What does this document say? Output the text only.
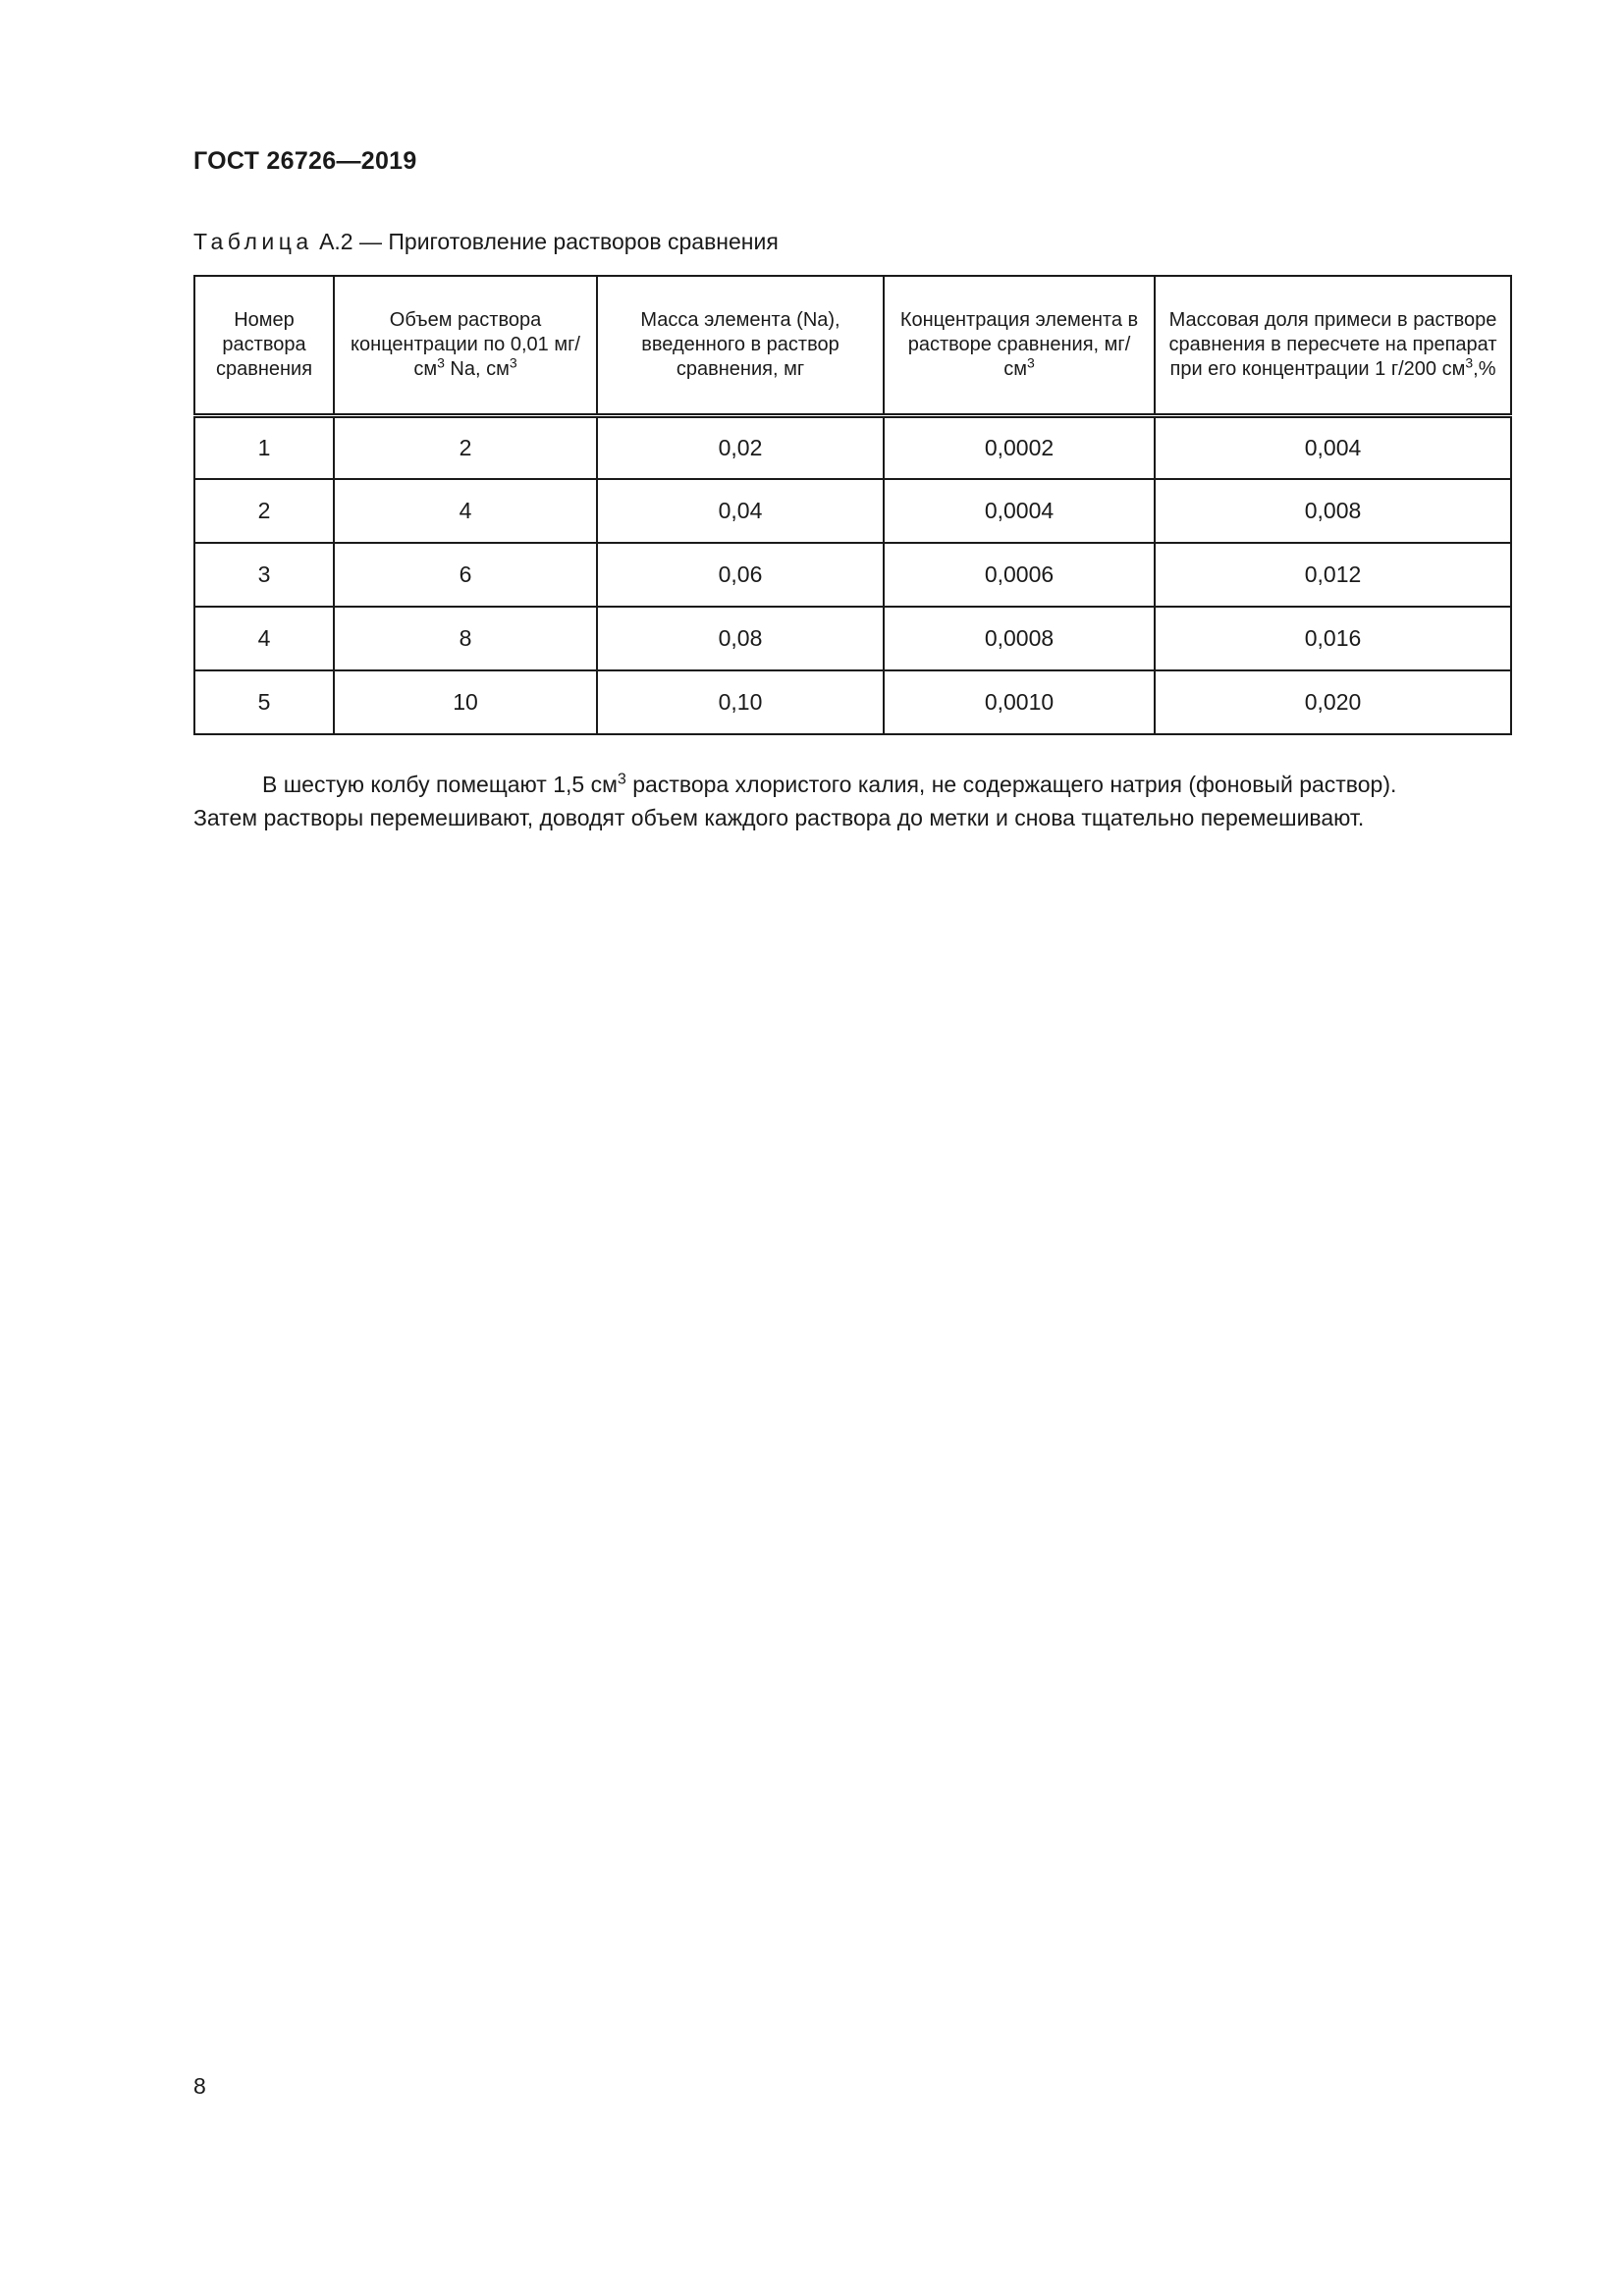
ГОСТ 26726—2019

Таблица А.2 — Приготовление растворов сравнения

Номер раствора сравнения	Объем раствора концентрации по 0,01 $мг/см^3$ Na, $см^3$	Масса элемента (Na), введенного в раствор сравнения, мг	Концентрация элемента в растворе сравнения, $мг/см^3$	Массовая доля примеси в растворе сравнения в пересчете на препарат при его концентрации 1 г/200 $см^3,\%$
1	2	0,02	0,0002	0,004
2	4	0,04	0,0004	0,008
3	6	0,06	0,0006	0,012
4	8	0,08	0,0008	0,016
5	10	0,10	0,0010	0,020

В шестую колбу помещают 1,5 $см^3$ раствора хлористого калия, не содержащего натрия (фоновый раствор).
Затем растворы перемешивают, доводят объем каждого раствора до метки и снова тщательно перемешивают.

8
